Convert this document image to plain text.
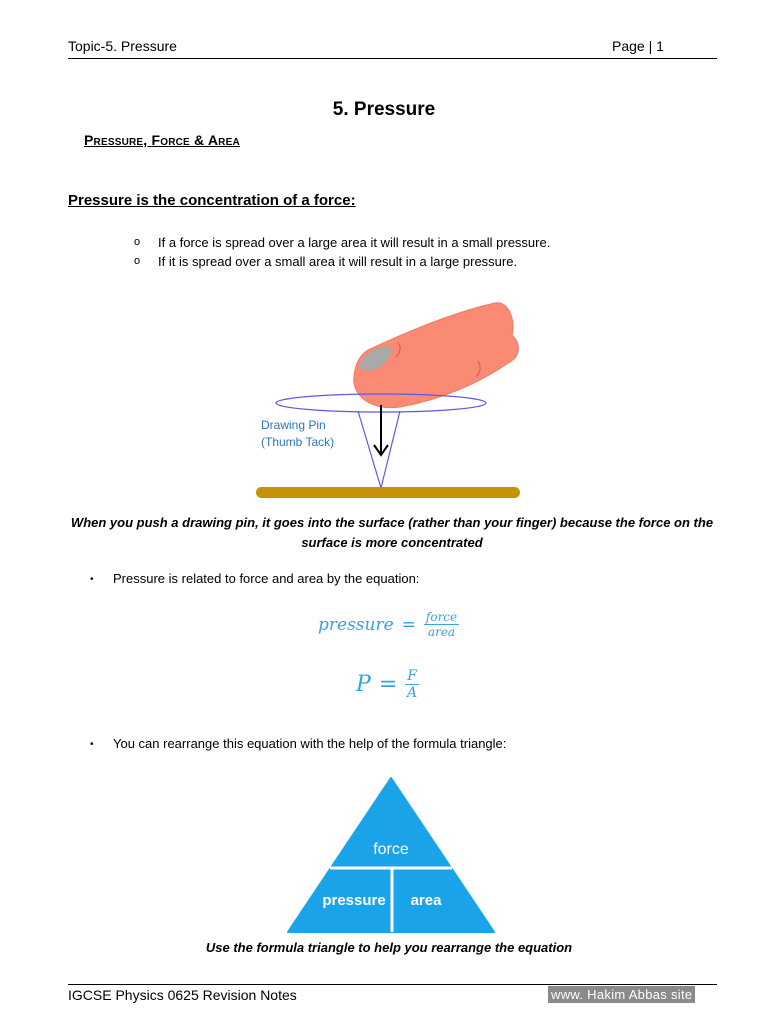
Topic-5. Pressure	Page | 1
5. Pressure
Pressure, Force & Area
Pressure is the concentration of a force:
o	If a force is spread over a large area it will result in a small pressure.
o	If it is spread over a small area it will result in a large pressure.
Drawing Pin
(Thumb Tack)
When you push a drawing pin, it goes into the surface (rather than your finger) because the force on the surface is more concentrated
•	Pressure is related to force and area by the equation:
pressure = $\frac{\text{force}}{\text{area}}$
$P = \frac{F}{A}$
•	You can rearrange this equation with the help of the formula triangle:
force
pressure area
Use the formula triangle to help you rearrange the equation
IGCSE Physics 0625 Revision Notes	www. Hakim Abbas site
